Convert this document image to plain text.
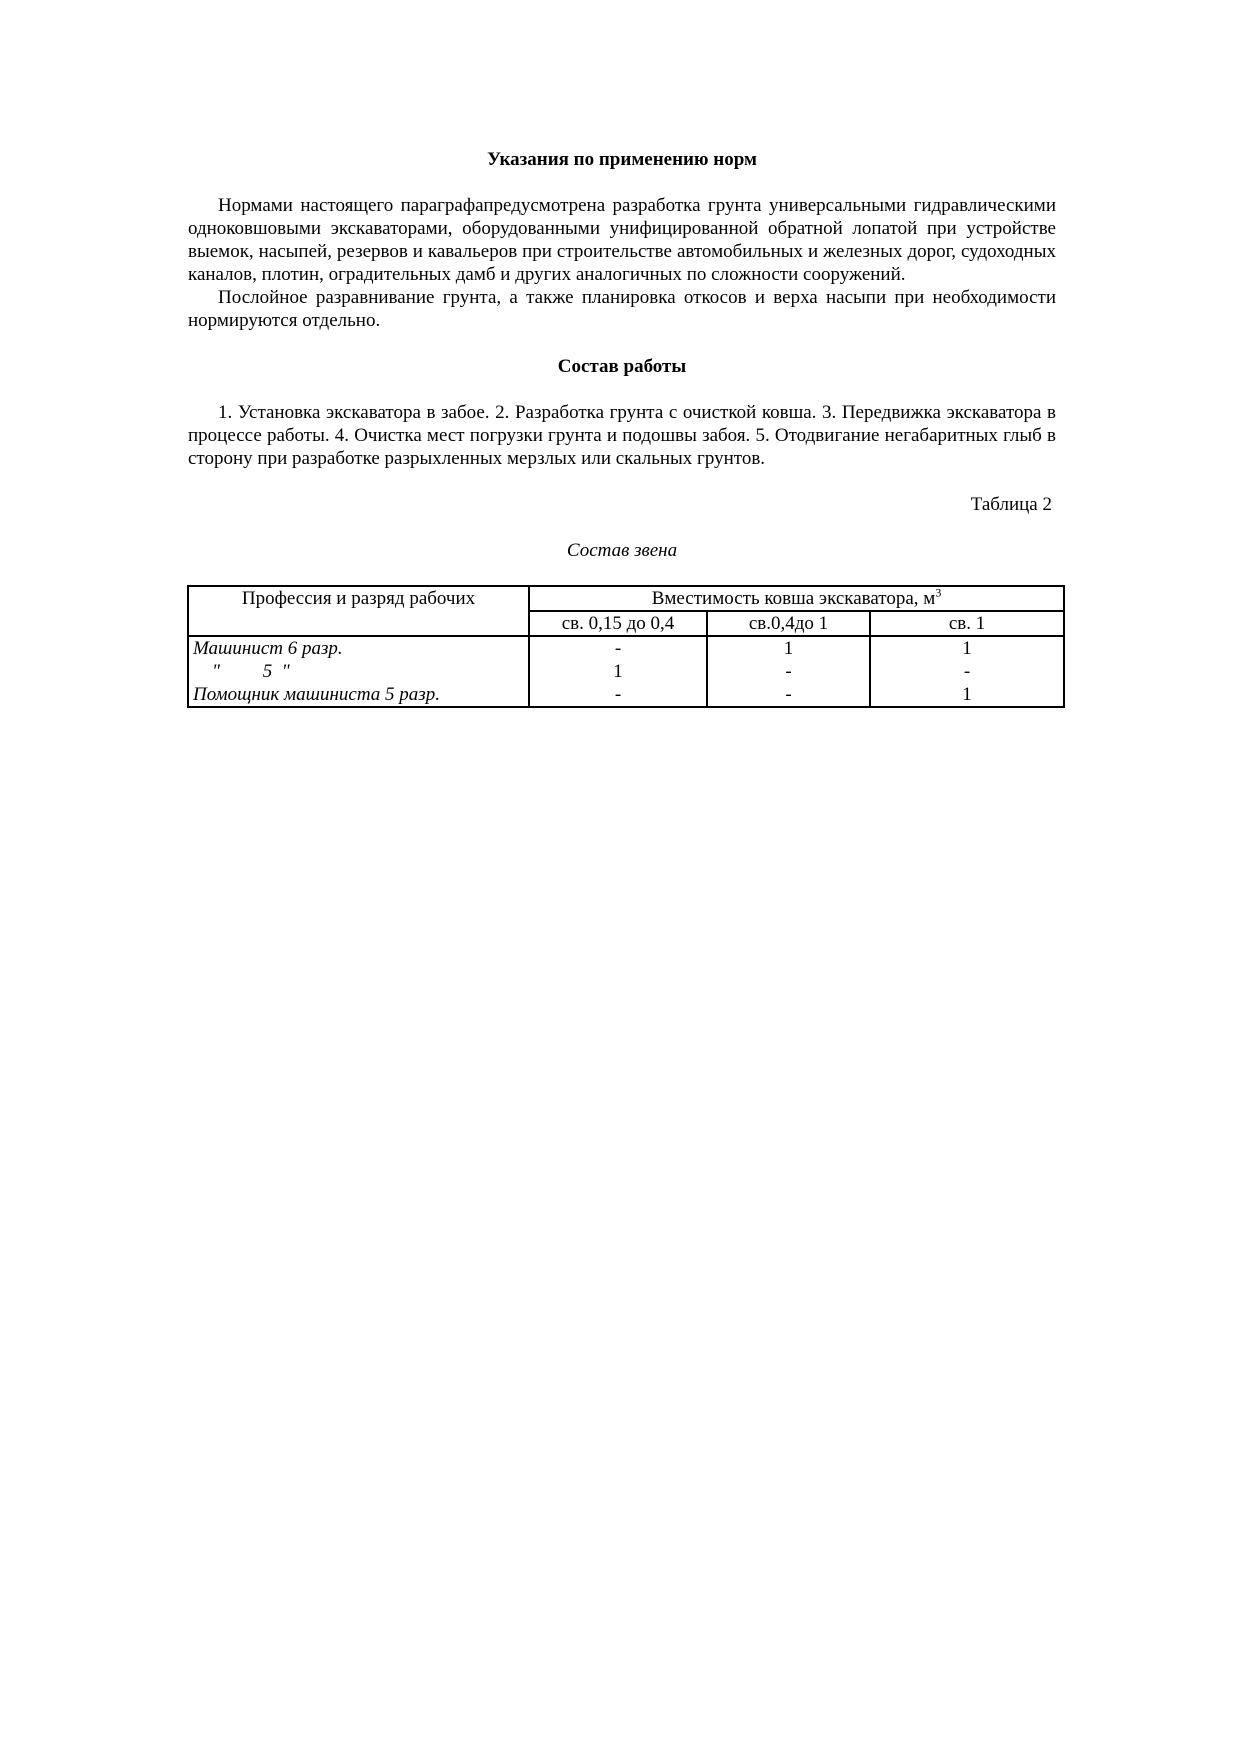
Указания по применению норм

Нормами настоящего параграфапредусмотрена разработка грунта универсальными гидравлическими одноковшовыми экскаваторами, оборудованными унифицированной обратной лопатой при устройстве выемок, насыпей, резервов и кавальеров при строительстве автомобильных и железных дорог, судоходных каналов, плотин, оградительных дамб и других аналогичных по сложности сооружений.

Послойное разравнивание грунта, а также планировка откосов и верха насыпи при необходимости нормируются отдельно.

Состав работы

1. Установка экскаватора в забое. 2. Разработка грунта с очисткой ковша. 3. Передвижка экскаватора в процессе работы. 4. Очистка мест погрузки грунта и подошвы забоя. 5. Отодвигание негабаритных глыб в сторону при разработке разрыхленных мерзлых или скальных грунтов.

Таблица 2

Состав звена

Профессия и разряд рабочих	Вместимость ковша экскаватора, $м^3$
	св. 0,15 до 0,4	св.0,4до 1	св. 1
Машинист 6 разр.	-	1	1
"         5  "	1	-	-
Помощник машиниста 5 разр.	-	-	1
